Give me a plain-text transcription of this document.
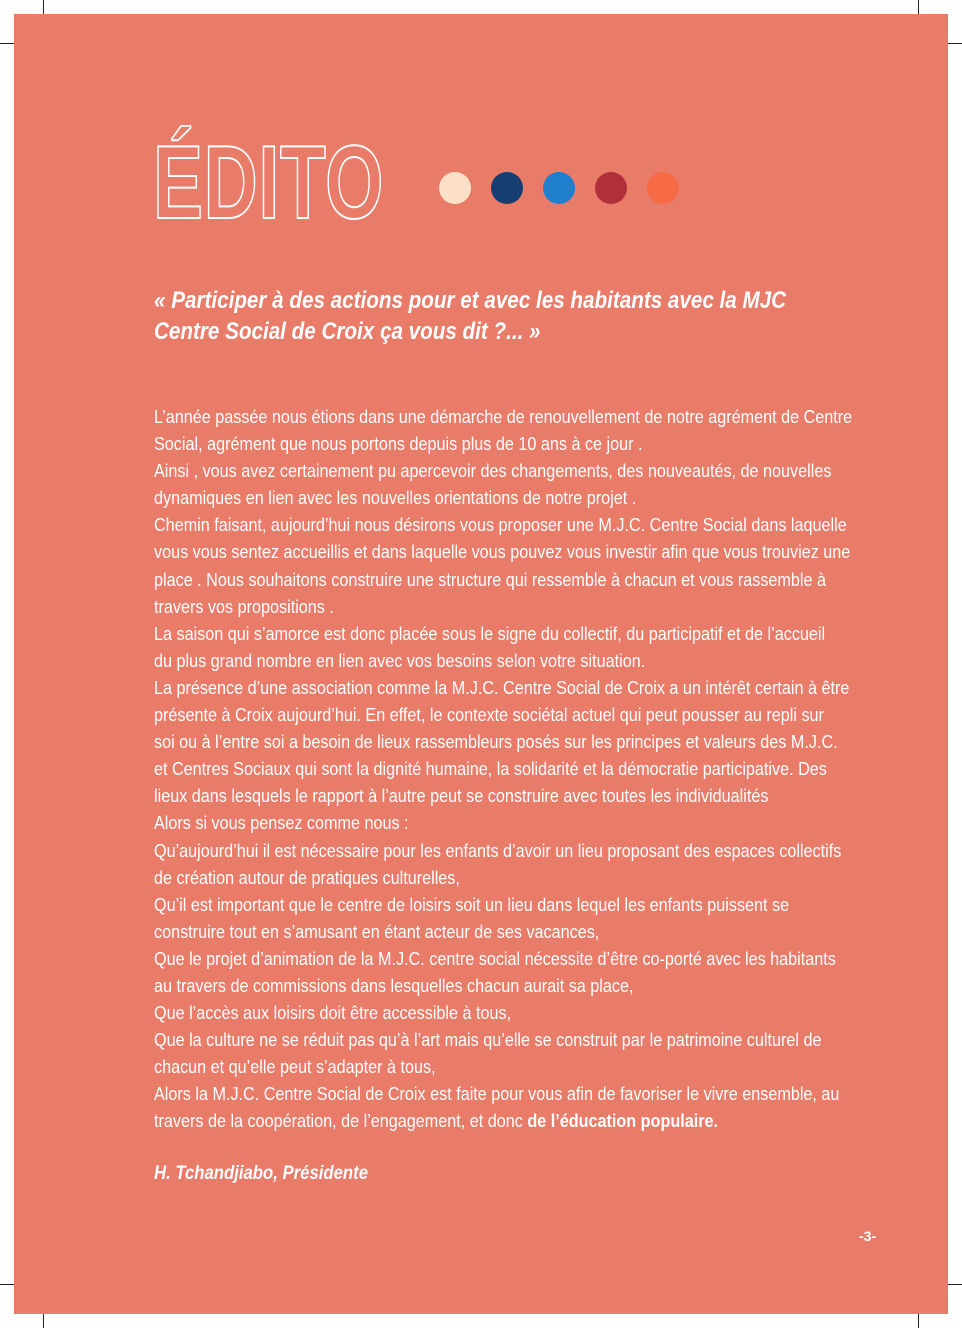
ÉDITO

« Participer à des actions pour et avec les habitants avec la MJC
Centre Social de Croix ça vous dit ?... »

L’année passée nous étions dans une démarche de renouvellement de notre agrément de Centre
Social, agrément que nous portons depuis plus de 10 ans à ce jour .
Ainsi , vous avez certainement pu apercevoir des changements, des nouveautés, de nouvelles
dynamiques en lien avec les nouvelles orientations de notre projet .
Chemin faisant, aujourd’hui nous désirons vous proposer une M.J.C. Centre Social dans laquelle
vous vous sentez accueillis et dans laquelle vous pouvez vous investir afin que vous trouviez une
place . Nous souhaitons construire une structure qui ressemble à chacun et vous rassemble à
travers vos propositions .
La saison qui s’amorce est donc placée sous le signe du collectif, du participatif et de l’accueil
du plus grand nombre en lien avec vos besoins selon votre situation.
La présence d’une association comme la M.J.C. Centre Social de Croix a un intérêt certain à être
présente à Croix aujourd’hui. En effet, le contexte sociétal actuel qui peut pousser au repli sur
soi ou à l’entre soi a besoin de lieux rassembleurs posés sur les principes et valeurs des M.J.C.
et Centres Sociaux qui sont la dignité humaine, la solidarité et la démocratie participative. Des
lieux dans lesquels le rapport à l’autre peut se construire avec toutes les individualités
Alors si vous pensez comme nous :
Qu’aujourd’hui il est nécessaire pour les enfants d’avoir un lieu proposant des espaces collectifs
de création autour de pratiques culturelles,
Qu’il est important que le centre de loisirs soit un lieu dans lequel les enfants puissent se
construire tout en s’amusant en étant acteur de ses vacances,
Que le projet d’animation de la M.J.C. centre social nécessite d’être co-porté avec les habitants
au travers de commissions dans lesquelles chacun aurait sa place,
Que l’accès aux loisirs doit être accessible à tous,
Que la culture ne se réduit pas qu’à l’art mais qu’elle se construit par le patrimoine culturel de
chacun et qu’elle peut s’adapter à tous,
Alors la M.J.C. Centre Social de Croix est faite pour vous afin de favoriser le vivre ensemble, au
travers de la coopération, de l’engagement, et donc de l’éducation populaire.

H. Tchandjiabo, Présidente

-3-
